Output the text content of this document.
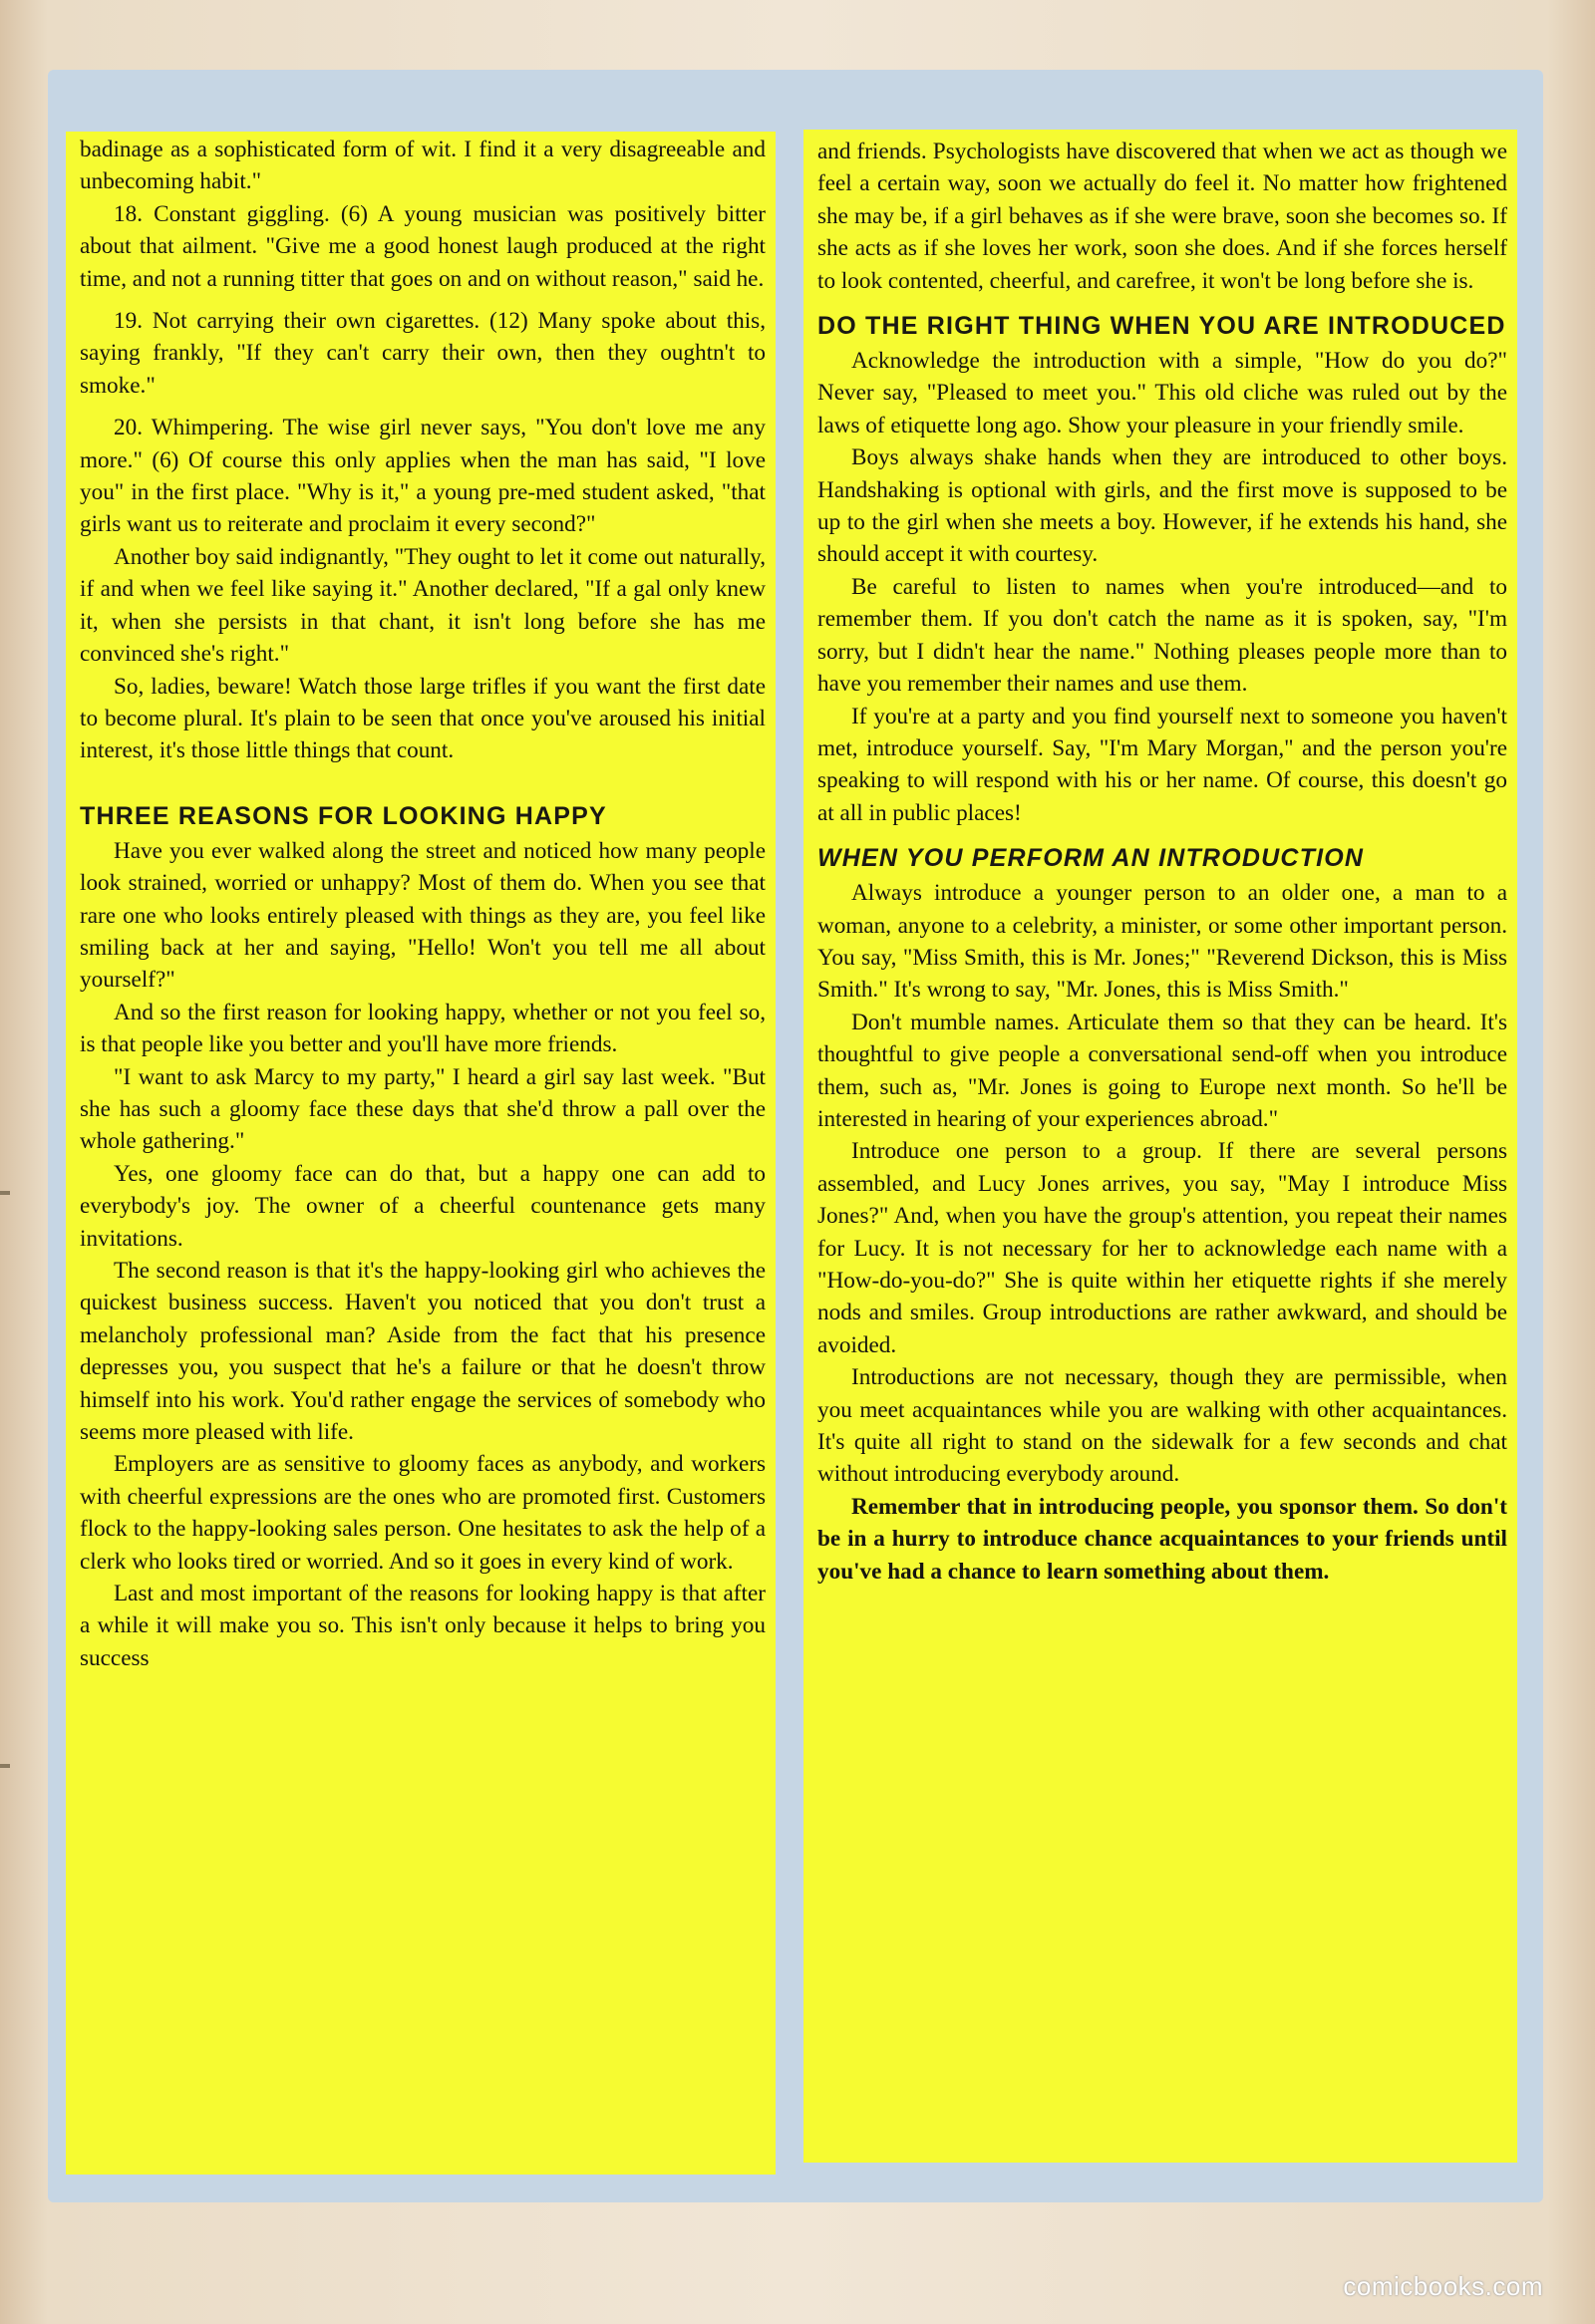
badinage as a sophisticated form of wit. I find it a very disagreeable and unbecoming habit."

18. Constant giggling. (6) A young musician was positively bitter about that ailment. "Give me a good honest laugh produced at the right time, and not a running titter that goes on and on without reason," said he.

19. Not carrying their own cigarettes. (12) Many spoke about this, saying frankly, "If they can't carry their own, then they oughtn't to smoke."

20. Whimpering. The wise girl never says, "You don't love me any more." (6) Of course this only applies when the man has said, "I love you" in the first place. "Why is it," a young pre-med student asked, "that girls want us to reiterate and proclaim it every second?"

Another boy said indignantly, "They ought to let it come out naturally, if and when we feel like saying it." Another declared, "If a gal only knew it, when she persists in that chant, it isn't long before she has me convinced she's right."

So, ladies, beware! Watch those large trifles if you want the first date to become plural. It's plain to be seen that once you've aroused his initial interest, it's those little things that count.

THREE REASONS FOR LOOKING HAPPY

Have you ever walked along the street and noticed how many people look strained, worried or unhappy? Most of them do. When you see that rare one who looks entirely pleased with things as they are, you feel like smiling back at her and saying, "Hello! Won't you tell me all about yourself?"

And so the first reason for looking happy, whether or not you feel so, is that people like you better and you'll have more friends.

"I want to ask Marcy to my party," I heard a girl say last week. "But she has such a gloomy face these days that she'd throw a pall over the whole gathering."

Yes, one gloomy face can do that, but a happy one can add to everybody's joy. The owner of a cheerful countenance gets many invitations.

The second reason is that it's the happy-looking girl who achieves the quickest business success. Haven't you noticed that you don't trust a melancholy professional man? Aside from the fact that his presence depresses you, you suspect that he's a failure or that he doesn't throw himself into his work. You'd rather engage the services of somebody who seems more pleased with life.

Employers are as sensitive to gloomy faces as anybody, and workers with cheerful expressions are the ones who are promoted first. Customers flock to the happy-looking sales person. One hesitates to ask the help of a clerk who looks tired or worried. And so it goes in every kind of work.

Last and most important of the reasons for looking happy is that after a while it will make you so. This isn't only because it helps to bring you success

and friends. Psychologists have discovered that when we act as though we feel a certain way, soon we actually do feel it. No matter how frightened she may be, if a girl behaves as if she were brave, soon she becomes so. If she acts as if she loves her work, soon she does. And if she forces herself to look contented, cheerful, and carefree, it won't be long before she is.

DO THE RIGHT THING WHEN YOU ARE INTRODUCED

Acknowledge the introduction with a simple, "How do you do?" Never say, "Pleased to meet you." This old cliche was ruled out by the laws of etiquette long ago. Show your pleasure in your friendly smile.

Boys always shake hands when they are introduced to other boys. Handshaking is optional with girls, and the first move is supposed to be up to the girl when she meets a boy. However, if he extends his hand, she should accept it with courtesy.

Be careful to listen to names when you're introduced—and to remember them. If you don't catch the name as it is spoken, say, "I'm sorry, but I didn't hear the name." Nothing pleases people more than to have you remember their names and use them.

If you're at a party and you find yourself next to someone you haven't met, introduce yourself. Say, "I'm Mary Morgan," and the person you're speaking to will respond with his or her name. Of course, this doesn't go at all in public places!

WHEN YOU PERFORM AN INTRODUCTION

Always introduce a younger person to an older one, a man to a woman, anyone to a celebrity, a minister, or some other important person. You say, "Miss Smith, this is Mr. Jones;" "Reverend Dickson, this is Miss Smith." It's wrong to say, "Mr. Jones, this is Miss Smith."

Don't mumble names. Articulate them so that they can be heard. It's thoughtful to give people a conversational send-off when you introduce them, such as, "Mr. Jones is going to Europe next month. So he'll be interested in hearing of your experiences abroad."

Introduce one person to a group. If there are several persons assembled, and Lucy Jones arrives, you say, "May I introduce Miss Jones?" And, when you have the group's attention, you repeat their names for Lucy. It is not necessary for her to acknowledge each name with a "How-do-you-do?" She is quite within her etiquette rights if she merely nods and smiles. Group introductions are rather awkward, and should be avoided.

Introductions are not necessary, though they are permissible, when you meet acquaintances while you are walking with other acquaintances. It's quite all right to stand on the sidewalk for a few seconds and chat without introducing everybody around.

Remember that in introducing people, you sponsor them. So don't be in a hurry to introduce chance acquaintances to your friends until you've had a chance to learn something about them.

comicbooks.com
